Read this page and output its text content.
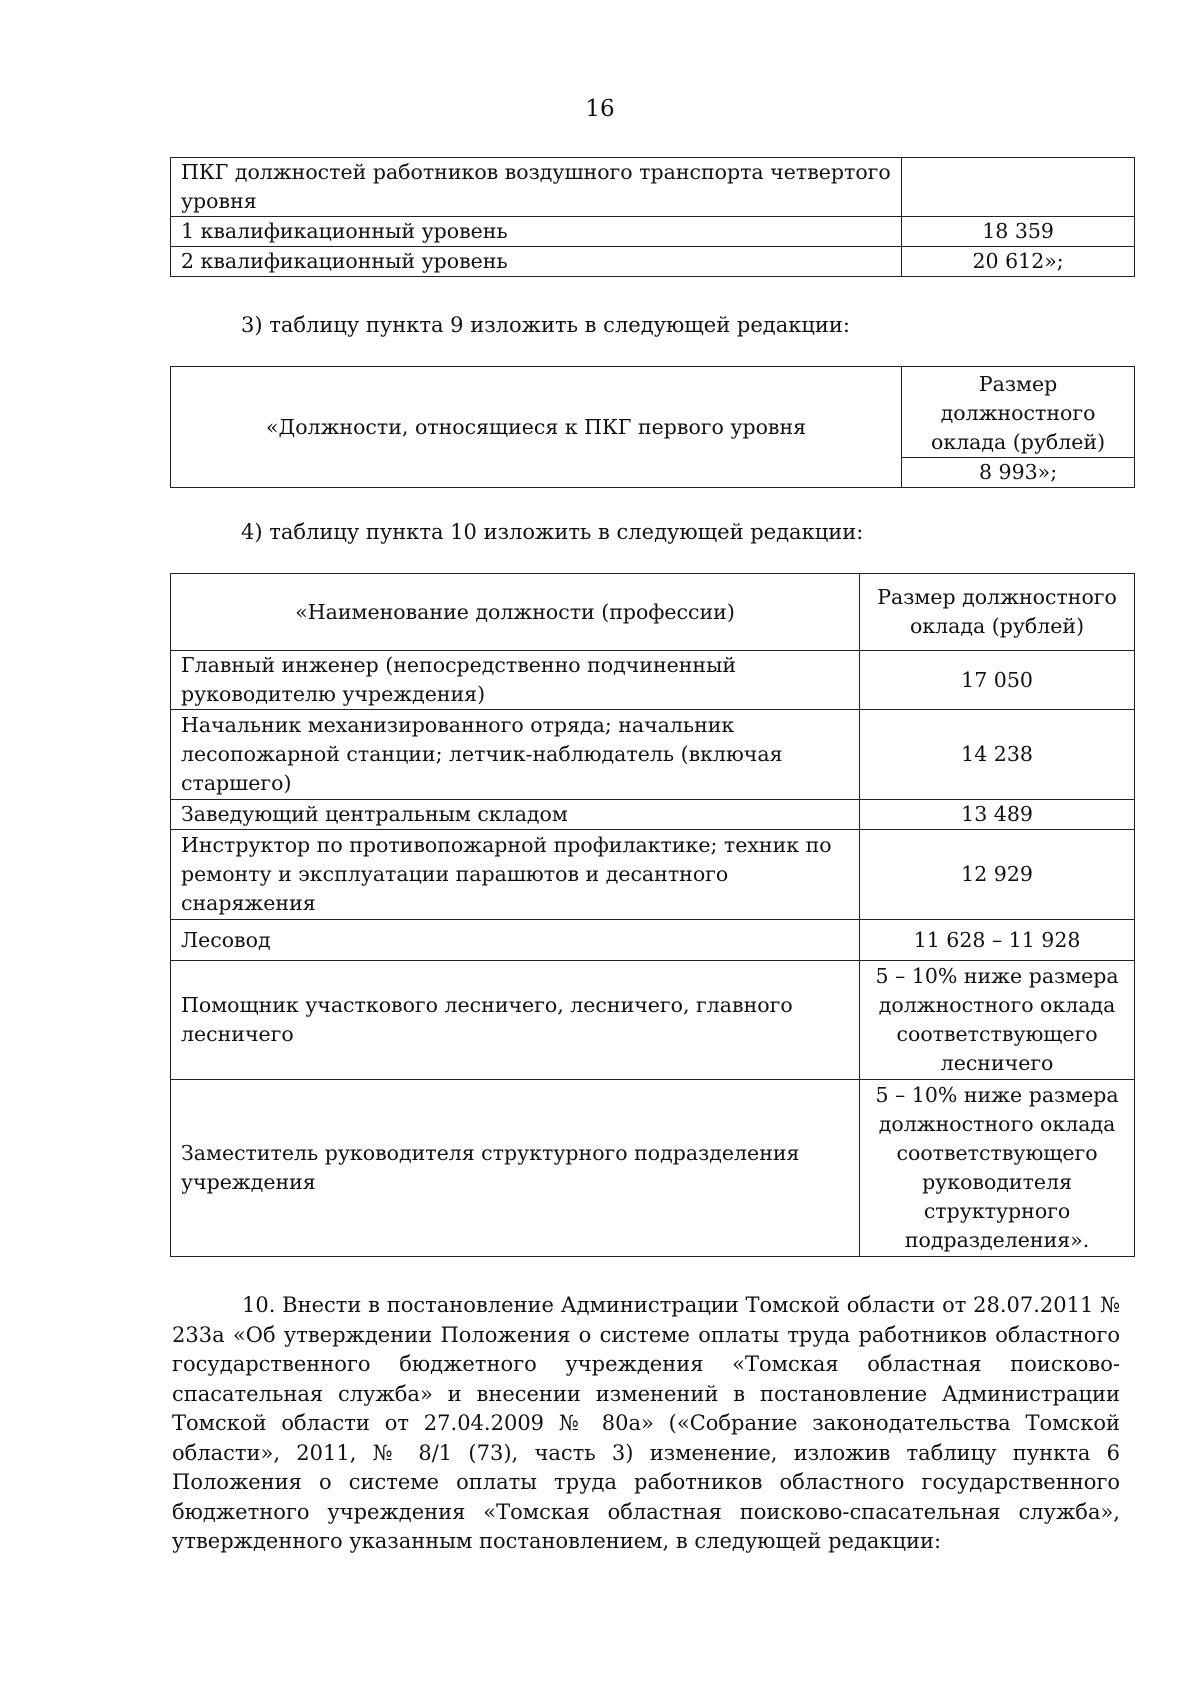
16
ПКГ должностей работников воздушного транспорта четвертого уровня	
1 квалификационный уровень	18 359
2 квалификационный уровень	20 612»;
3) таблицу пункта 9 изложить в следующей редакции:
«Должности, относящиеся к ПКГ первого уровня	Размер должностного оклада (рублей)
8 993»;
4) таблицу пункта 10 изложить в следующей редакции:
«Наименование должности (профессии)	Размер должностного оклада (рублей)
Главный инженер (непосредственно подчиненный руководителю учреждения)	17 050
Начальник механизированного отряда; начальник лесопожарной станции; летчик-наблюдатель (включая старшего)	14 238
Заведующий центральным складом	13 489
Инструктор по противопожарной профилактике; техник по ремонту и эксплуатации парашютов и десантного снаряжения	12 929
Лесовод	11 628 – 11 928
Помощник участкового лесничего, лесничего, главного лесничего	5 – 10% ниже размера должностного оклада соответствующего лесничего
Заместитель руководителя структурного подразделения учреждения	5 – 10% ниже размера должностного оклада соответствующего руководителя структурного подразделения».
10. Внести в постановление Администрации Томской области от 28.07.2011 № 233а «Об утверждении Положения о системе оплаты труда работников областного государственного бюджетного учреждения «Томская областная поисково-спасательная служба» и внесении изменений в постановление Администрации Томской области от 27.04.2009 № 80а» («Собрание законодательства Томской области», 2011, № 8/1 (73), часть 3) изменение, изложив таблицу пункта 6 Положения о системе оплаты труда работников областного государственного бюджетного учреждения «Томская областная поисково-спасательная служба», утвержденного указанным постановлением, в следующей редакции:
